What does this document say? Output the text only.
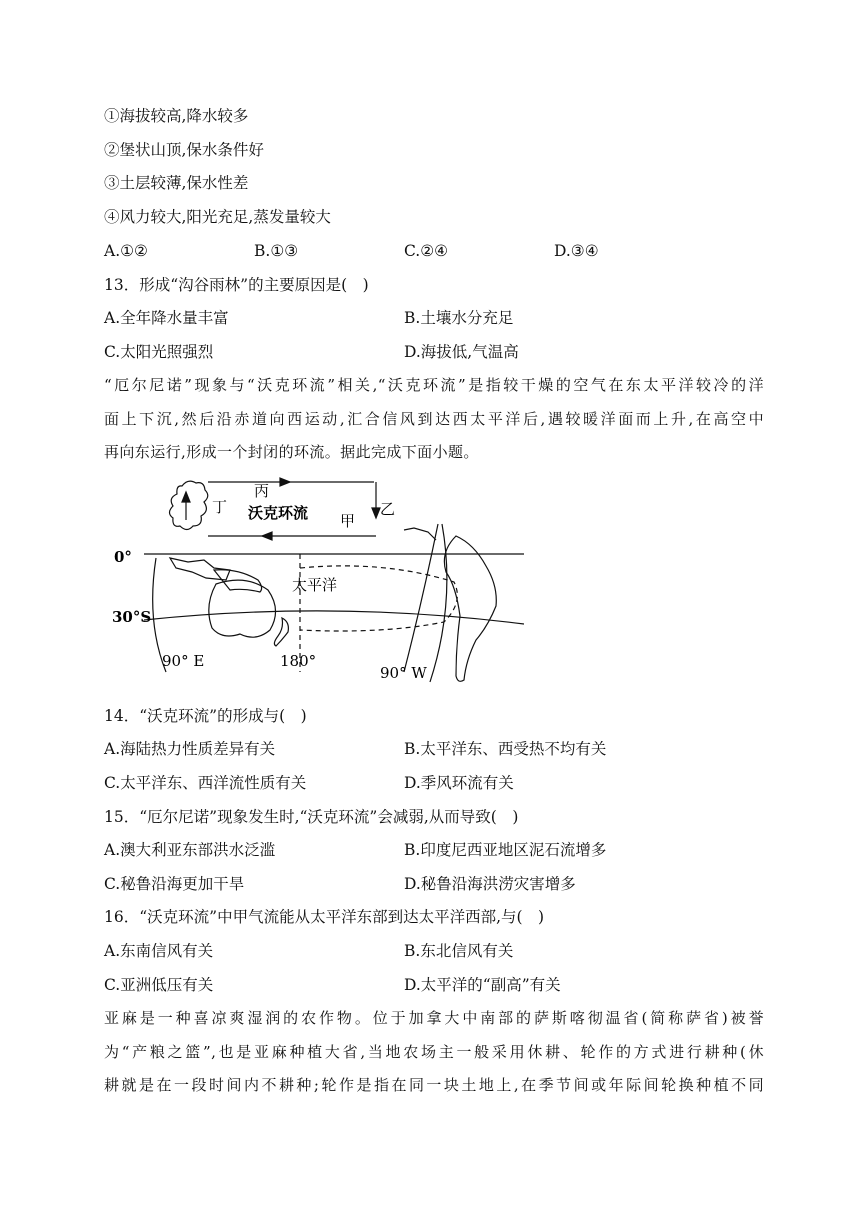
①海拔较高,降水较多
②堡状山顶,保水条件好
③土层较薄,保水性差
④风力较大,阳光充足,蒸发量较大
A.①②	B.①③	C.②④	D.③④
13．形成“沟谷雨林”的主要原因是(　)
A.全年降水量丰富	B.土壤水分充足
C.太阳光照强烈	D.海拔低,气温高
“厄尔尼诺”现象与“沃克环流”相关,“沃克环流”是指较干燥的空气在东太平洋较冷的洋
面上下沉,然后沿赤道向西运动,汇合信风到达西太平洋后,遇较暖洋面而上升,在高空中
再向东运行,形成一个封闭的环流。据此完成下面小题。
丙
丁	乙
甲
沃克环流
太平洋
0°
30°S
90° E	180°
90° W
14．“沃克环流”的形成与(　)
A.海陆热力性质差异有关	B.太平洋东、西受热不均有关
C.太平洋东、西洋流性质有关	D.季风环流有关
15．“厄尔尼诺”现象发生时,“沃克环流”会减弱,从而导致(　)
A.澳大利亚东部洪水泛滥	B.印度尼西亚地区泥石流增多
C.秘鲁沿海更加干旱	D.秘鲁沿海洪涝灾害增多
16．“沃克环流”中甲气流能从太平洋东部到达太平洋西部,与(　)
A.东南信风有关	B.东北信风有关
C.亚洲低压有关	D.太平洋的“副高”有关
亚麻是一种喜凉爽湿润的农作物。位于加拿大中南部的萨斯喀彻温省(简称萨省)被誉
为“产粮之篮”,也是亚麻种植大省,当地农场主一般采用休耕、轮作的方式进行耕种(休
耕就是在一段时间内不耕种;轮作是指在同一块土地上,在季节间或年际间轮换种植不同
